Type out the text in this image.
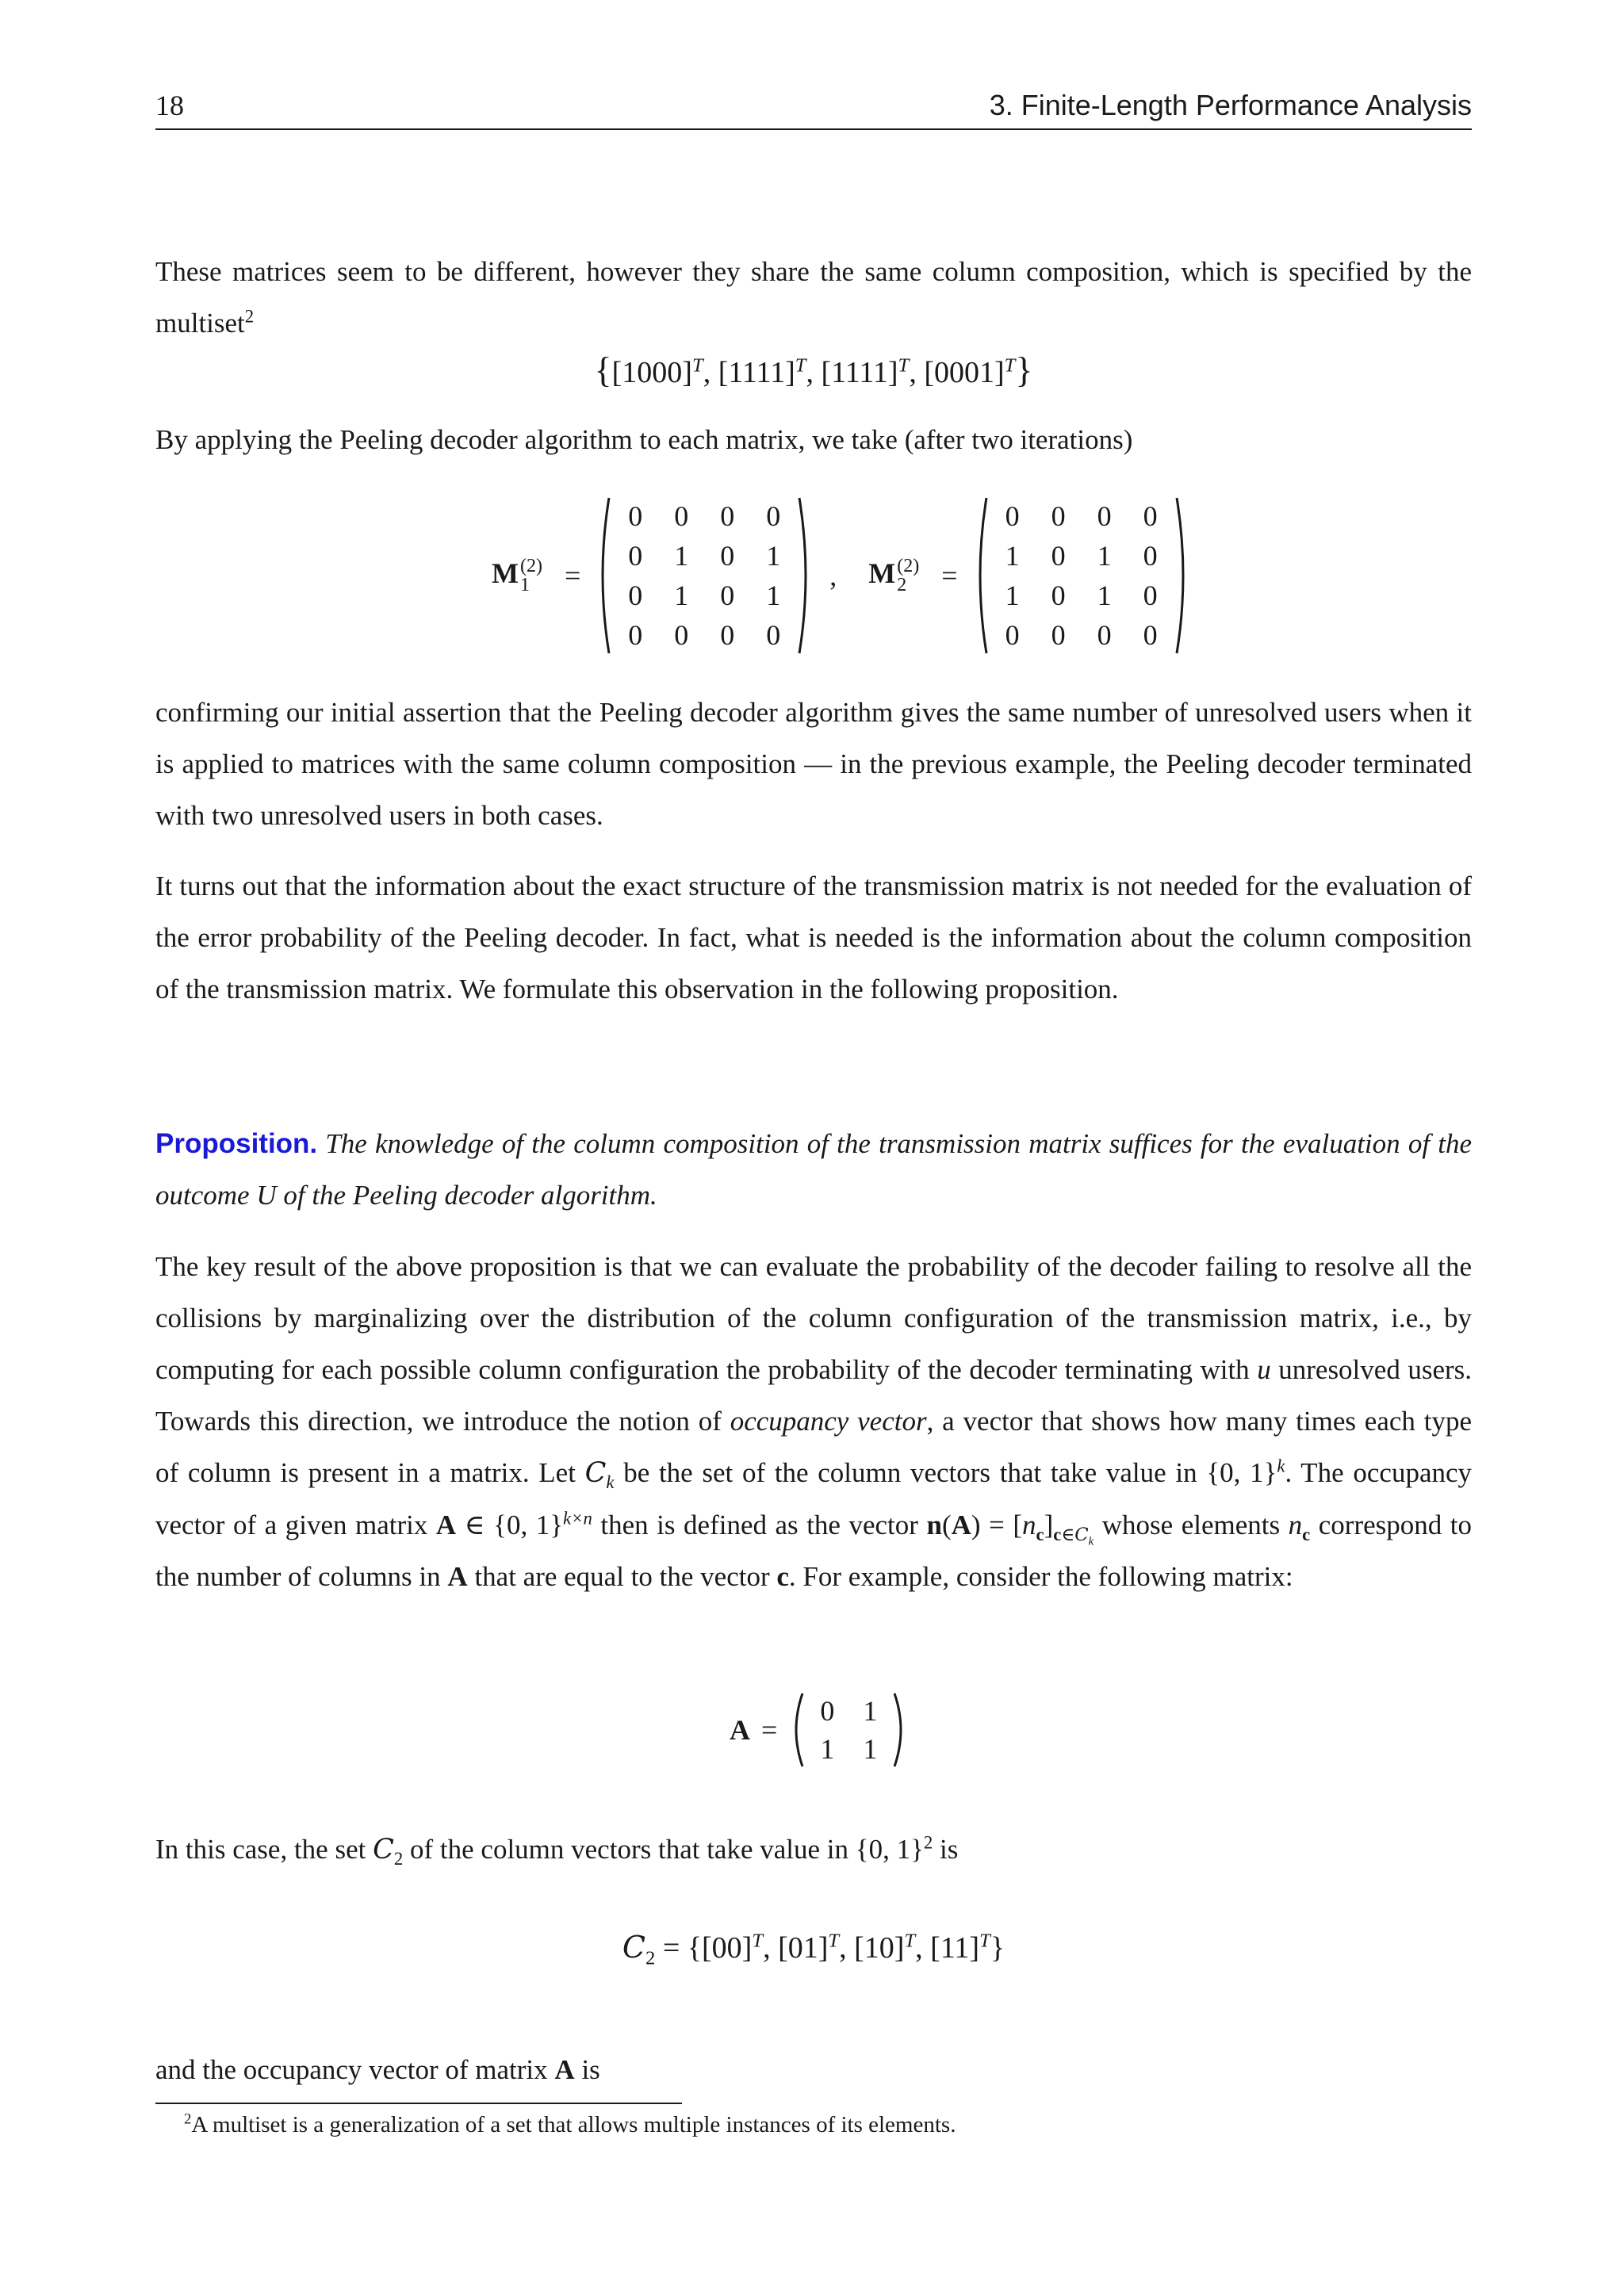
18	3. Finite-Length Performance Analysis

These matrices seem to be different, however they share the same column composition, which is specified by the multiset$^2$

{$[1000]^T$, $[1111]^T$, $[1111]^T$, $[0001]^T$}

By applying the Peeling decoder algorithm to each matrix, we take (after two iterations)

M (2)
1	=
0	0	0	0
0	1	0	1
0	1	0	1
0	0	0	0
, M (2)
2	=
0	0	0	0
1	0	1	0
1	0	1	0
0	0	0	0

confirming our initial assertion that the Peeling decoder algorithm gives the same number of unresolved users when it is applied to matrices with the same column composition — in the previous example, the Peeling decoder terminated with two unresolved users in both cases.

It turns out that the information about the exact structure of the transmission matrix is not needed for the evaluation of the error probability of the Peeling decoder. In fact, what is needed is the information about the column composition of the transmission matrix. We formulate this observation in the following proposition.

Proposition. The knowledge of the column composition of the transmission matrix suffices for the evaluation of the outcome U of the Peeling decoder algorithm.

The key result of the above proposition is that we can evaluate the probability of the decoder failing to resolve all the collisions by marginalizing over the distribution of the column configuration of the transmission matrix, i.e., by computing for each possible column configuration the probability of the decoder terminating with u unresolved users. Towards this direction, we introduce the notion of occupancy vector, a vector that shows how many times each type of column is present in a matrix. Let $C_k$ be the set of the column vectors that take value in {0, 1}$^k$. The occupancy vector of a given matrix A ∈ {0, 1}$^{k\times n}$ then is defined as the vector $n(A) = [n_c]_{c\in C_k}$ whose elements $n_c$ correspond to the number of columns in A that are equal to the vector c. For example, consider the following matrix:

A =
0	1
1	1

In this case, the set $C_2$ of the column vectors that take value in {0, 1}$^2$ is

$C_2 = \{[00]^T$, $[01]^T$, $[10]^T$, $[11]^T$}

and the occupancy vector of matrix A is

$^2$A multiset is a generalization of a set that allows multiple instances of its elements.
